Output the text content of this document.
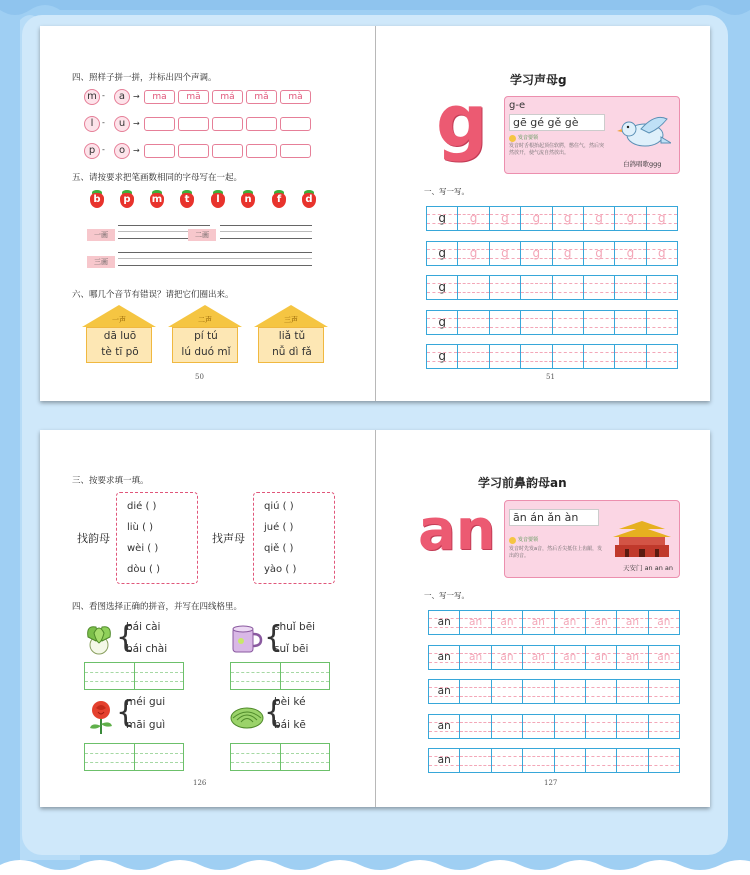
四、照样子拼一拼，并标出四个声调。
m -	a →	ma	mā	má	mǎ	mà
l	-	u →
p -	o →
五、请按要求把笔画数相同的字母写在一起。
b	p	m	t	l	n	f	d
一画	二画
三画
六、哪几个音节有错误？请把它们圈出来。
一声
dā luō
tè tī pō
二声
pí tú
lú duó mǐ
三声
liǎ tǔ
nǚ dì fǎ
50
学习声母g
g g-e
gē gé gě gè
发音要领
发音时舌根抬起顶住软腭，憋住气，然后突然放开，使气流自然放出。
白鸽唱歌ggg
一、写一写。
g	g	g	g	g	g	g	g
g	g	g	g	g	g	g	g
g
g
g
51
三、按要求填一填。
找韵母
dié ( )
liù ( )
wèi ( )
dòu ( )
找声母
qiú ( )
jué ( )
qiě ( )
yào ( )
四、看图选择正确的拼音，并写在四线格里。
{
bái cài
bái chài	{
shuǐ bēi
suǐ bēi
{
méi gui
māi guì	{
bèi ké
bái kē
126
学习前鼻韵母an
an ān án ǎn àn
发音要领
发音时先发a音，然后舌尖抵住上齿龈，发出的音。
天安门 an an an
一、写一写。
an	an	an	an	an	an	an	an
an	an	an	an	an	an	an	an
an
an
an
127
